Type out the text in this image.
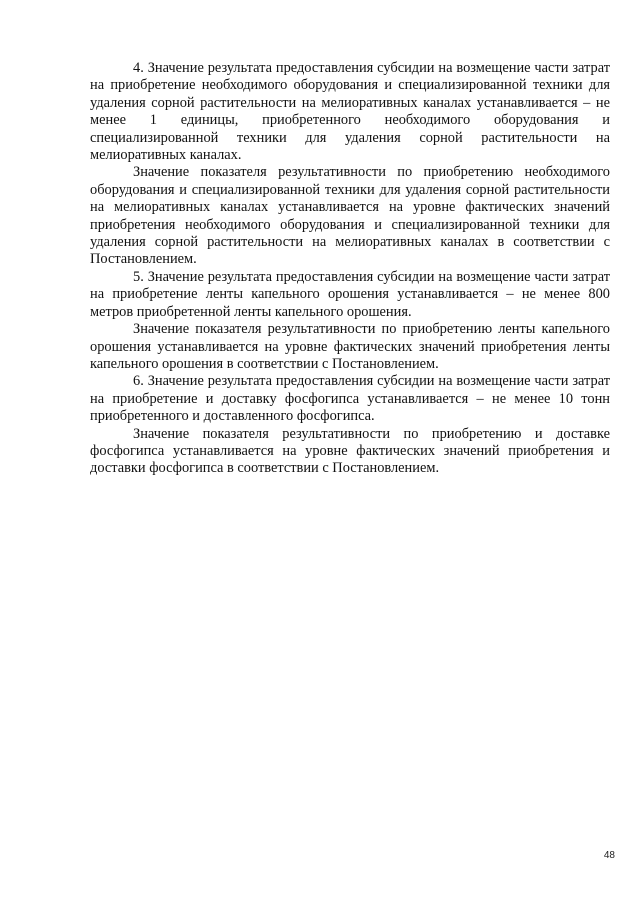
4. Значение результата предоставления субсидии на возмещение части затрат на приобретение необходимого оборудования и специализированной техники для удаления сорной растительности на мелиоративных каналах устанавливается – не менее 1 единицы, приобретенного необходимого оборудования и специализированной техники для удаления сорной растительности на мелиоративных каналах.

Значение показателя результативности по приобретению необходимого оборудования и специализированной техники для удаления сорной растительности на мелиоративных каналах устанавливается на уровне фактических значений приобретения необходимого оборудования и специализированной техники для удаления сорной растительности на мелиоративных каналах в соответствии с Постановлением.

5. Значение результата предоставления субсидии на возмещение части затрат на приобретение ленты капельного орошения устанавливается – не менее 800 метров приобретенной ленты капельного орошения.

Значение показателя результативности по приобретению ленты капельного орошения устанавливается на уровне фактических значений приобретения ленты капельного орошения в соответствии с Постановлением.

6. Значение результата предоставления субсидии на возмещение части затрат на приобретение и доставку фосфогипса устанавливается – не менее 10 тонн приобретенного и доставленного фосфогипса.

Значение показателя результативности по приобретению и доставке фосфогипса устанавливается на уровне фактических значений приобретения и доставки фосфогипса в соответствии с Постановлением.

48
